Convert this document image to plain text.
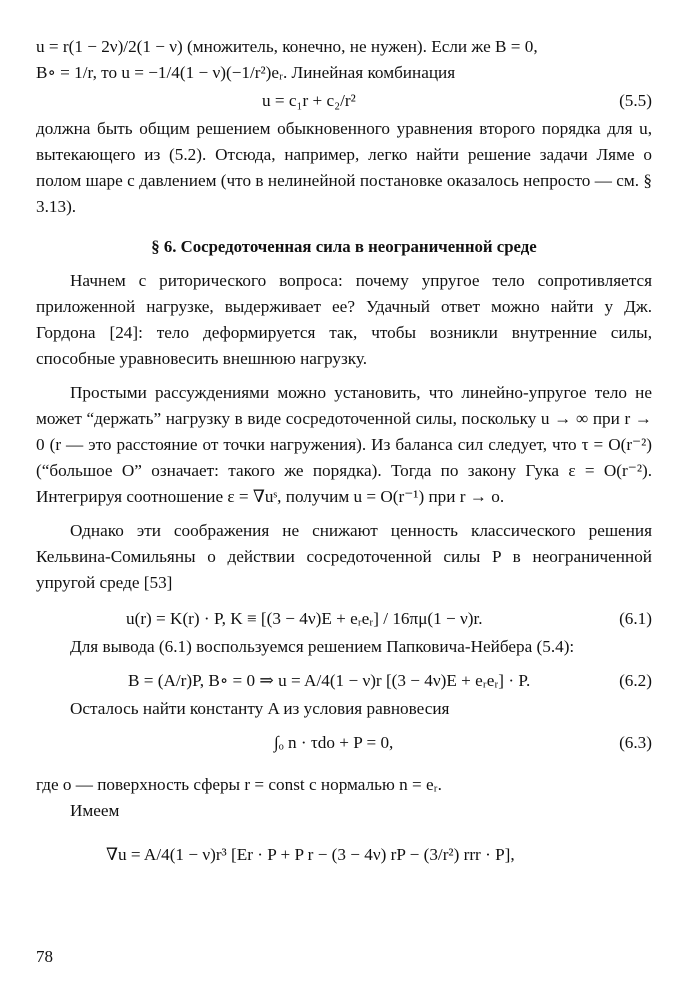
u = r(1 − 2ν)/2(1 − ν) (множитель, конечно, не нужен). Если же B = 0,
B∘ = 1/r, то u = −1/4(1 − ν)(−1/r²)eᵣ. Линейная комбинация
u = c₁r + c₂/r²	(5.5)

должна быть общим решением обыкновенного уравнения второго порядка для u, вытекающего из (5.2). Отсюда, например, легко найти решение задачи Ляме о полом шаре с давлением (что в нелинейной постановке оказалось непросто — см. § 3.13).

§ 6. Сосредоточенная сила в неограниченной среде

Начнем с риторического вопроса: почему упругое тело сопротивляется приложенной нагрузке, выдерживает ее? Удачный ответ можно найти у Дж. Гордона [24]: тело деформируется так, чтобы возникли внутренние силы, способные уравновесить внешнюю нагрузку.

Простыми рассуждениями можно установить, что линейно-упругое тело не может “держать” нагрузку в виде сосредоточенной силы, поскольку u → ∞ при r → 0 (r — это расстояние от точки нагружения). Из баланса сил следует, что τ = O(r⁻²) (“большое O” означает: такого же порядка). Тогда по закону Гука ε = O(r⁻²). Интегрируя соотношение ε = ∇uˢ, получим u = O(r⁻¹) при r → o.

Однако эти соображения не снижают ценность классического решения Кельвина-Сомильяны о действии сосредоточенной силы P в неограниченной упругой среде [53]

u(r) = K(r) · P, K ≡ [(3 − 4ν)E + eᵣeᵣ] / 16πμ(1 − ν)r.	(6.1)

Для вывода (6.1) воспользуемся решением Папковича-Нейбера (5.4):

B = (A/r)P, B∘ = 0 ⇒ u = A/4(1 − ν)r [(3 − 4ν)E + eᵣeᵣ] · P.	(6.2)

Осталось найти константу A из условия равновесия

∫ₒ n · τdo + P = 0,	(6.3)

где o — поверхность сферы r = const с нормалью n = eᵣ.

Имеем

∇u = A/4(1 − ν)r³ [Er · P + P r − (3 − 4ν) rP − (3/r²) rrr · P],
78
